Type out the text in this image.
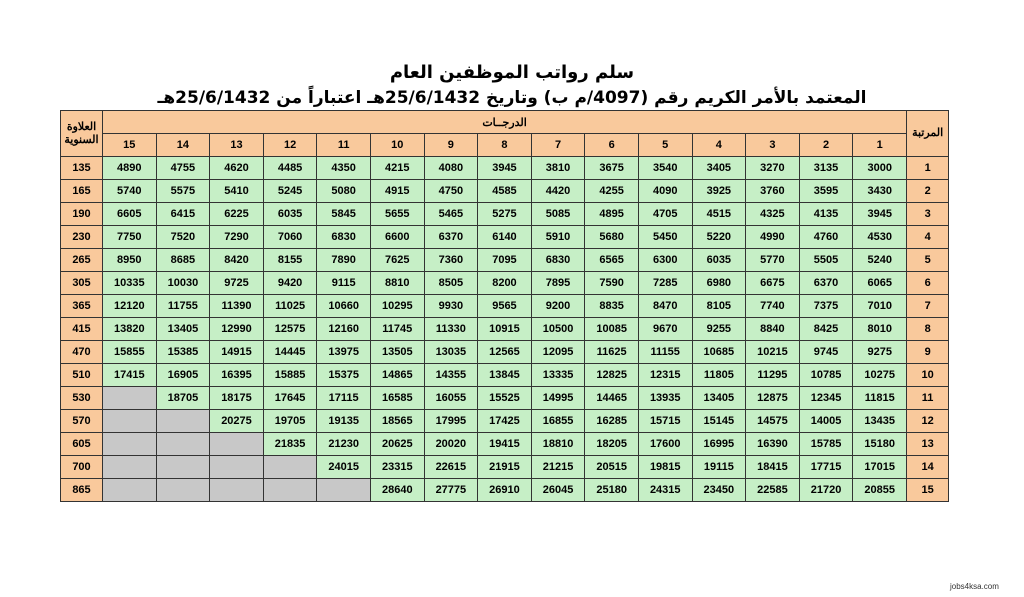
سلم رواتب الموظفين العام
المعتمد بالأمر الكريم رقم (4097/م ب) وتاريخ 25/6/1432هـ اعتباراً من 25/6/1432هـ
العلاوة السنوية	الدرجــات															المرتبة
	15	14	13	12	11	10	9	8	7	6	5	4	3	2	1	
135	4890	4755	4620	4485	4350	4215	4080	3945	3810	3675	3540	3405	3270	3135	3000	1
165	5740	5575	5410	5245	5080	4915	4750	4585	4420	4255	4090	3925	3760	3595	3430	2
190	6605	6415	6225	6035	5845	5655	5465	5275	5085	4895	4705	4515	4325	4135	3945	3
230	7750	7520	7290	7060	6830	6600	6370	6140	5910	5680	5450	5220	4990	4760	4530	4
265	8950	8685	8420	8155	7890	7625	7360	7095	6830	6565	6300	6035	5770	5505	5240	5
305	10335	10030	9725	9420	9115	8810	8505	8200	7895	7590	7285	6980	6675	6370	6065	6
365	12120	11755	11390	11025	10660	10295	9930	9565	9200	8835	8470	8105	7740	7375	7010	7
415	13820	13405	12990	12575	12160	11745	11330	10915	10500	10085	9670	9255	8840	8425	8010	8
470	15855	15385	14915	14445	13975	13505	13035	12565	12095	11625	11155	10685	10215	9745	9275	9
510	17415	16905	16395	15885	15375	14865	14355	13845	13335	12825	12315	11805	11295	10785	10275	10
530		18705	18175	17645	17115	16585	16055	15525	14995	14465	13935	13405	12875	12345	11815	11
570			20275	19705	19135	18565	17995	17425	16855	16285	15715	15145	14575	14005	13435	12
605				21835	21230	20625	20020	19415	18810	18205	17600	16995	16390	15785	15180	13
700					24015	23315	22615	21915	21215	20515	19815	19115	18415	17715	17015	14
865						28640	27775	26910	26045	25180	24315	23450	22585	21720	20855	15
jobs4ksa.com
